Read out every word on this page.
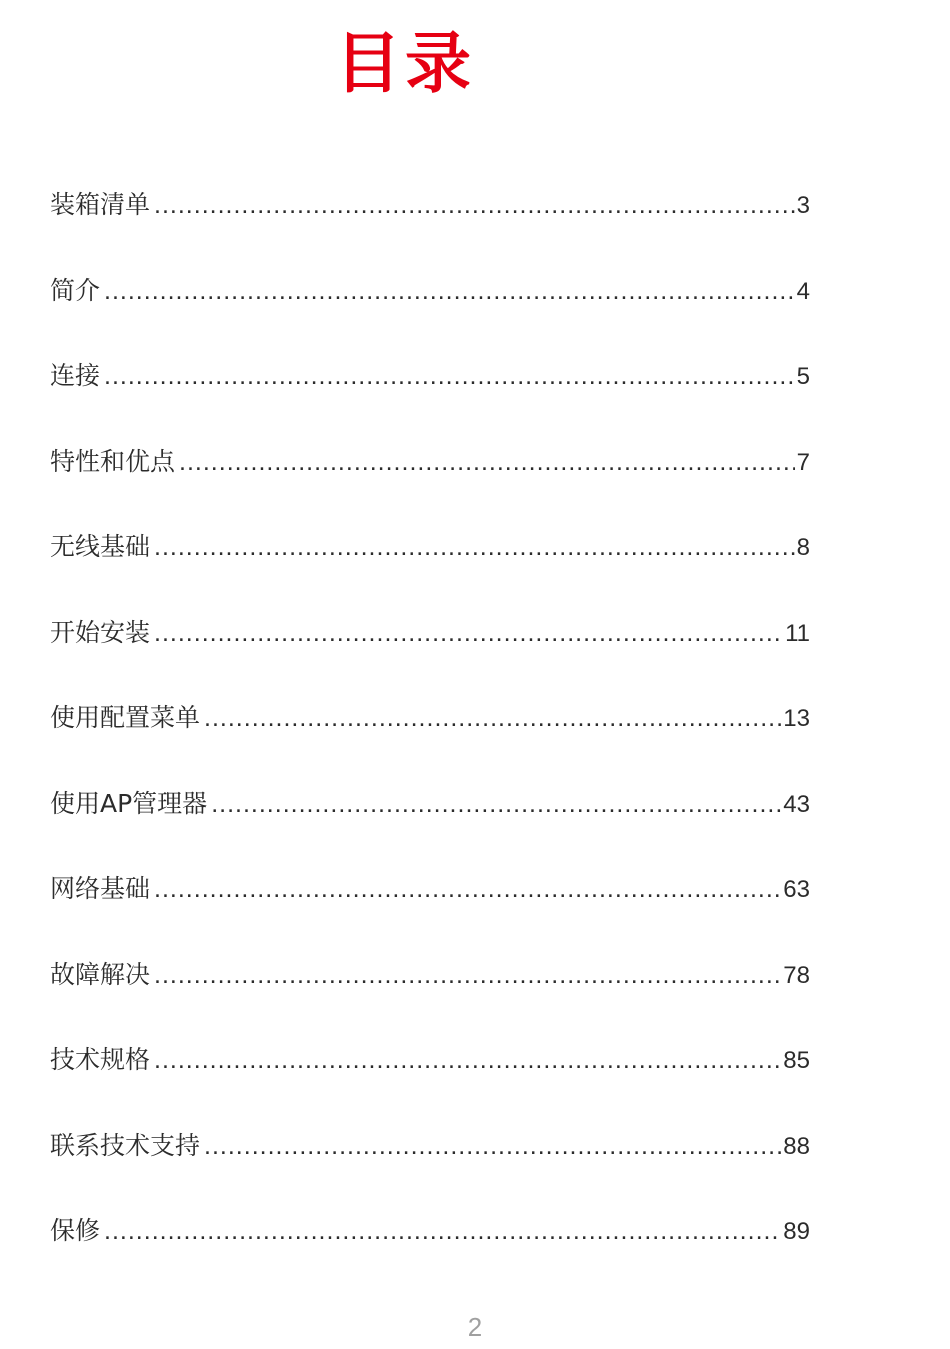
目录
装箱清单 .....	3
简介 .....	4
连接 .....	5
特性和优点 .....	7
无线基础 .....	8
开始安装 .....	11
使用配置菜单 .....	13
使用AP管理器 .....	43
网络基础 .....	63
故障解决 .....	78
技术规格 .....	85
联系技术支持 .....	88
保修 .....	89
2
